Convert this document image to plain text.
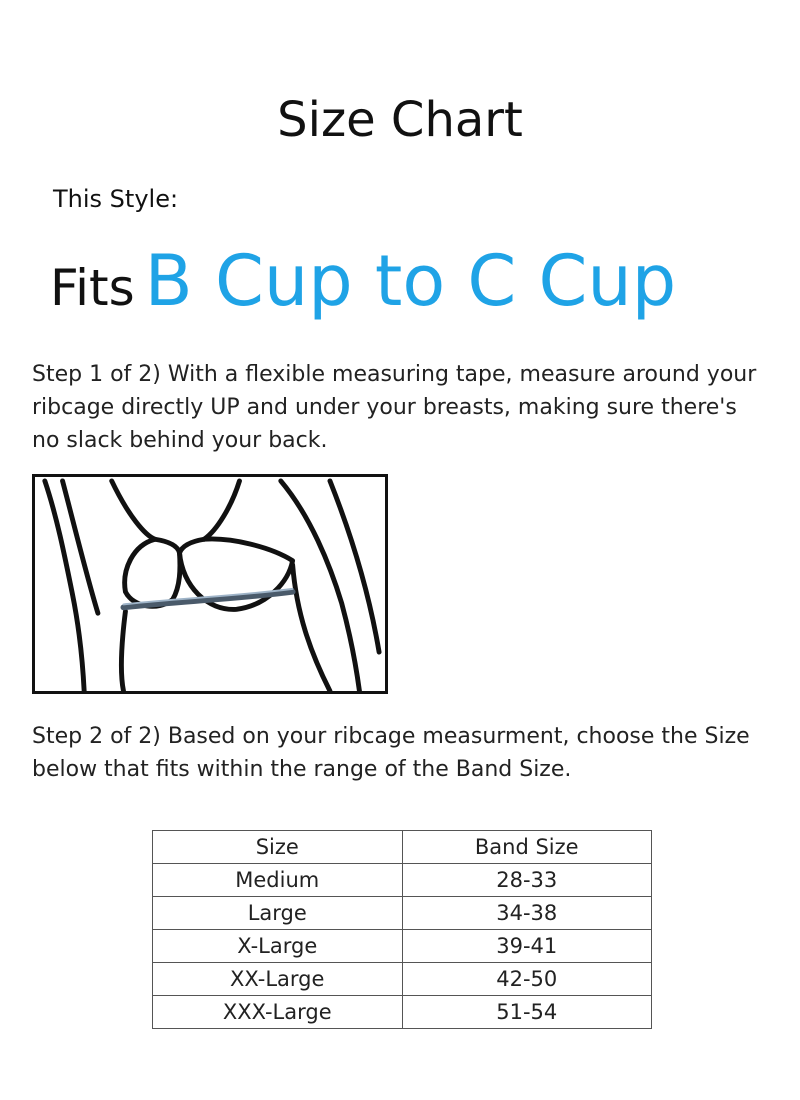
Size Chart
This Style:
Fits B Cup to C Cup
Step 1 of 2) With a flexible measuring tape, measure around your ribcage directly UP and under your breasts, making sure there's no slack behind your back.
Step 2 of 2) Based on your ribcage measurment, choose the Size below that fits within the range of the Band Size.
Size	Band Size
Medium	28-33
Large	34-38
X-Large	39-41
XX-Large	42-50
XXX-Large	51-54
